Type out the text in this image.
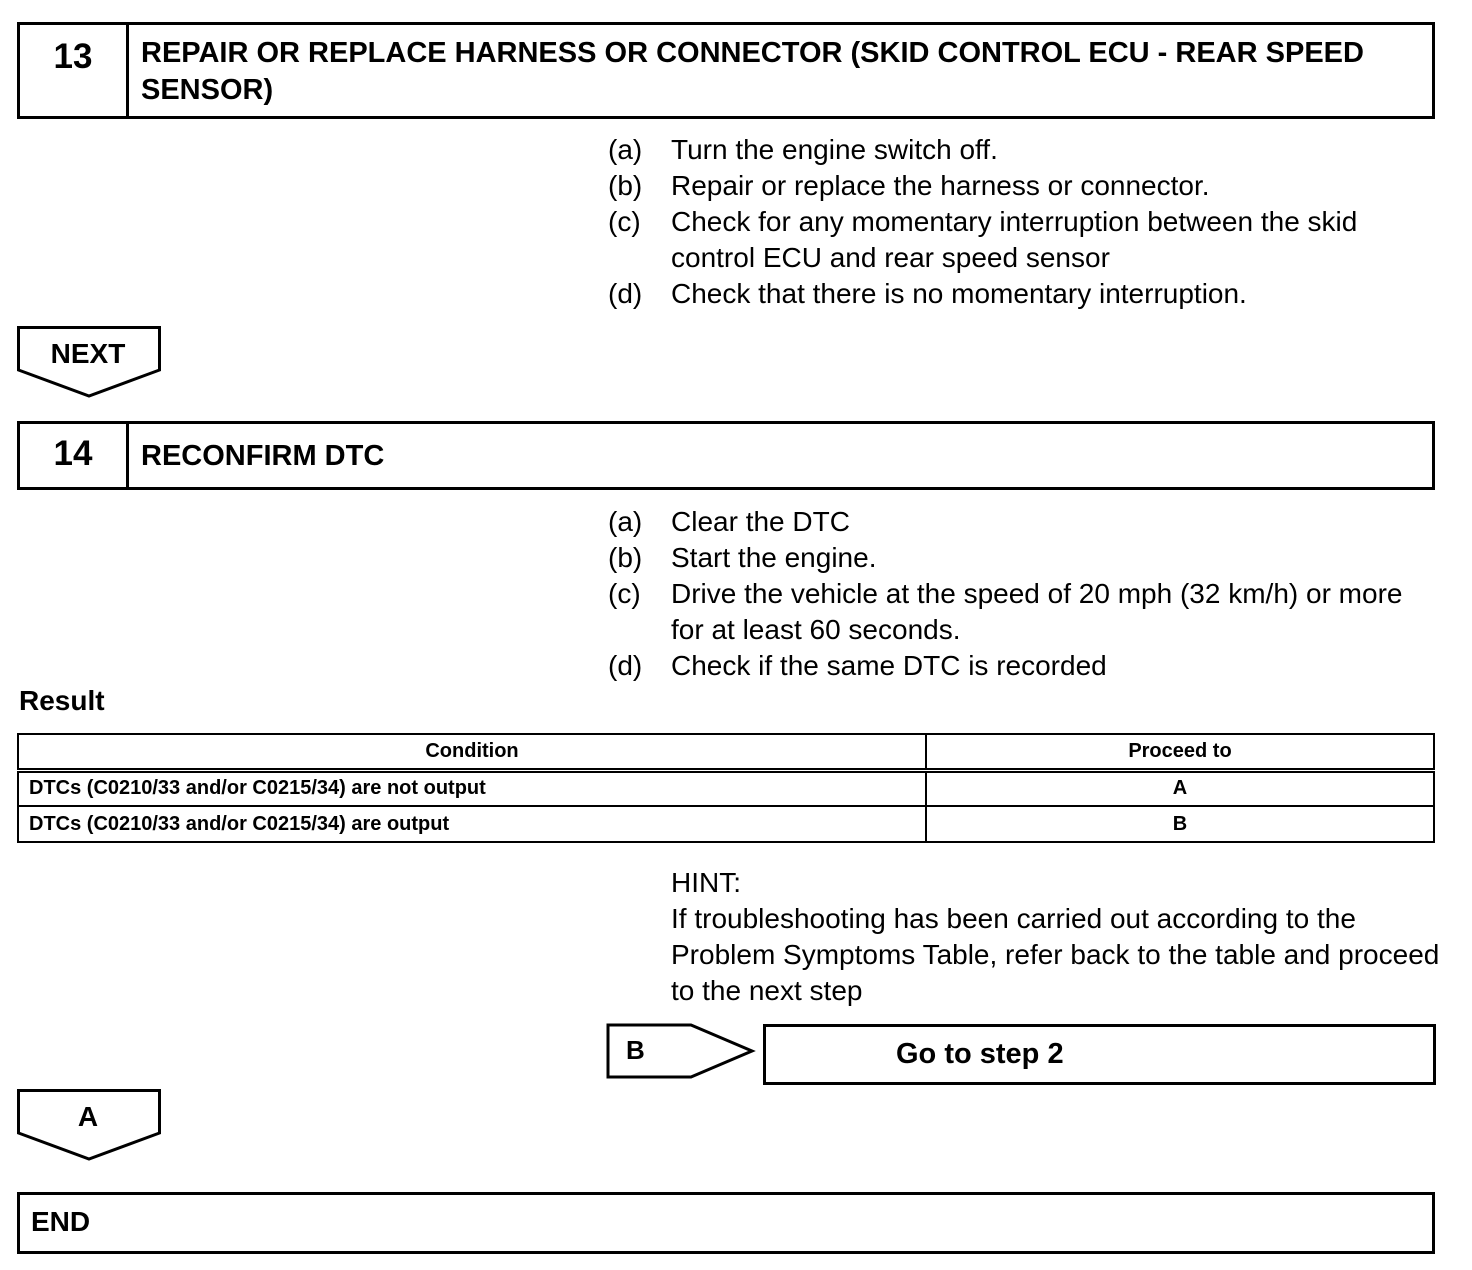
13	REPAIR OR REPLACE HARNESS OR CONNECTOR (SKID CONTROL ECU - REAR SPEED SENSOR)
(a)	Turn the engine switch off.
(b)	Repair or replace the harness or connector.
(c)	Check for any momentary interruption between the skid control ECU and rear speed sensor
(d)	Check that there is no momentary interruption.
NEXT
14	RECONFIRM DTC
(a)	Clear the DTC
(b)	Start the engine.
(c)	Drive the vehicle at the speed of 20 mph (32 km/h) or more for at least 60 seconds.
(d)	Check if the same DTC is recorded
Result
Condition	Proceed to
DTCs (C0210/33 and/or C0215/34) are not output	A
DTCs (C0210/33 and/or C0215/34) are output	B
HINT:
If troubleshooting has been carried out according to the Problem Symptoms Table, refer back to the table and proceed to the next step
B	Go to step 2
A
END
